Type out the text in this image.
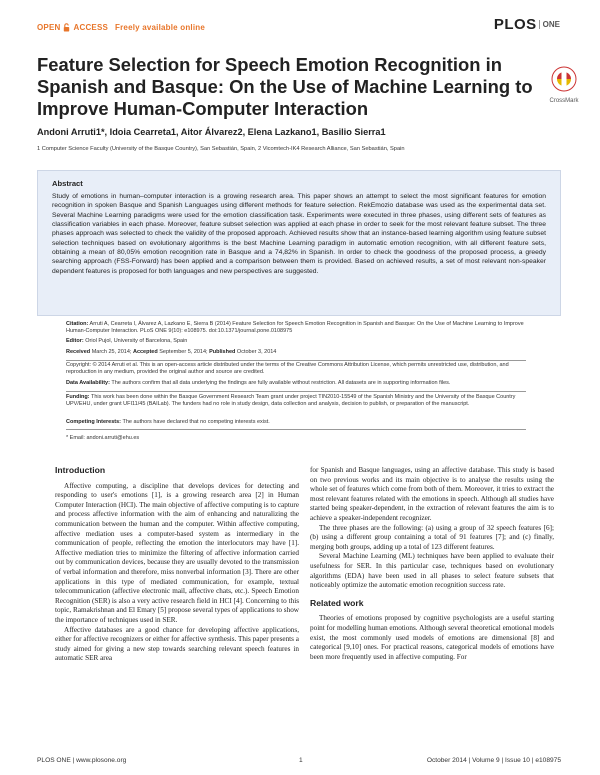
OPEN ACCESS Freely available online	PLOS ONE
Feature Selection for Speech Emotion Recognition in Spanish and Basque: On the Use of Machine Learning to Improve Human-Computer Interaction	CrossMark
Andoni Arruti1*, Idoia Cearreta1, Aitor Álvarez2, Elena Lazkano1, Basilio Sierra1
1 Computer Science Faculty (University of the Basque Country), San Sebastián, Spain, 2 Vicomtech-IK4 Research Alliance, San Sebastián, Spain
Abstract

Study of emotions in human–computer interaction is a growing research area. This paper shows an attempt to select the most significant features for emotion recognition in spoken Basque and Spanish Languages using different methods for feature selection. RekEmozio database was used as the experimental data set. Several Machine Learning paradigms were used for the emotion classification task. Experiments were executed in three phases, using different sets of features as classification variables in each phase. Moreover, feature subset selection was applied at each phase in order to seek for the most relevant feature subset. The three phases approach was selected to check the validity of the proposed approach. Achieved results show that an instance-based learning algorithm using feature subset selection techniques based on evolutionary algorithms is the best Machine Learning paradigm in automatic emotion recognition, with all different feature sets, obtaining a mean of 80,05% emotion recognition rate in Basque and a 74,82% in Spanish. In order to check the goodness of the proposed process, a greedy searching approach (FSS-Forward) has been applied and a comparison between them is provided. Based on achieved results, a set of most relevant non-speaker dependent features is proposed for both languages and new perspectives are suggested.

Citation: Arruti A, Cearreta I, Álvarez A, Lazkano E, Sierra B (2014) Feature Selection for Speech Emotion Recognition in Spanish and Basque: On the Use of Machine Learning to Improve Human-Computer Interaction. PLoS ONE 9(10): e108975. doi:10.1371/journal.pone.0108975
Editor: Oriol Pujol, University of Barcelona, Spain
Received March 25, 2014; Accepted September 5, 2014; Published October 3, 2014
Copyright: © 2014 Arruti et al. This is an open-access article distributed under the terms of the Creative Commons Attribution License, which permits unrestricted use, distribution, and reproduction in any medium, provided the original author and source are credited.
Data Availability: The authors confirm that all data underlying the findings are fully available without restriction. All datasets are in supporting information files.
Funding: This work has been done within the Basque Government Research Team grant under project TIN2010-15549 of the Spanish Ministry and the University of the Basque Country UPV/EHU, under grant UFI11/45 (BAILab). The funders had no role in study design, data collection and analysis, decision to publish, or preparation of the manuscript.
Competing Interests: The authors have declared that no competing interests exist.
* Email: andoni.arruti@ehu.es
Introduction

Affective computing, a discipline that develops devices for detecting and responding to user's emotions [1], is a growing research area [2] in Human Computer Interaction (HCI). The main objective of affective computing is to capture and process affective information with the aim of enhancing and naturalizing the communication between the human and the computer. Within affective computing, affective mediation uses a computer-based system as intermediary in the communication of people, reflecting the emotion the interlocutors may have [1]. Affective mediation tries to minimize the filtering of affective information carried out by communication devices, because they are usually devoted to the transmission of verbal information and therefore, miss nonverbal information [3]. There are other applications in this type of mediated communication, for example, textual telecommunication (affective electronic mail, affective chats, etc.). Speech Emotion Recognition (SER) is also a very active research field in HCI [4]. Concerning to this topic, Ramakrishnan and El Emary [5] propose several types of applications to show the importance of techniques used in SER.

Affective databases are a good chance for developing affective applications, either for affective recognizers or either for affective synthesis. This paper presents a study aimed for giving a new step towards searching relevant speech features in automatic SER area

for Spanish and Basque languages, using an affective database. This study is based on two previous works and its main objective is to analyse the results using the whole set of features which come from both of them. Moreover, it tries to extract the most relevant features related with the emotions in speech. Although all studies have started being speaker-dependent, in the extraction of relevant features the aim is to achieve a speaker-independent recognizer.

The three phases are the following: (a) using a group of 32 speech features [6]; (b) using a different group containing a total of 91 features [7]; and (c) finally, merging both groups, adding up a total of 123 different features.

Several Machine Learning (ML) techniques have been applied to evaluate their usefulness for SER. In this particular case, techniques based on evolutionary algorithms (EDA) have been used in all phases to select feature subsets that noticeably optimize the automatic emotion recognition success rate.

Related work

Theories of emotions proposed by cognitive psychologists are a useful starting point for modelling human emotions. Although several theoretical emotional models exist, the most commonly used models of emotions are dimensional [8] and categorical [9,10] ones. For practical reasons, categorical models of emotions have been more frequently used in affective computing. For

PLOS ONE | www.plosone.org	1	October 2014 | Volume 9 | Issue 10 | e108975
